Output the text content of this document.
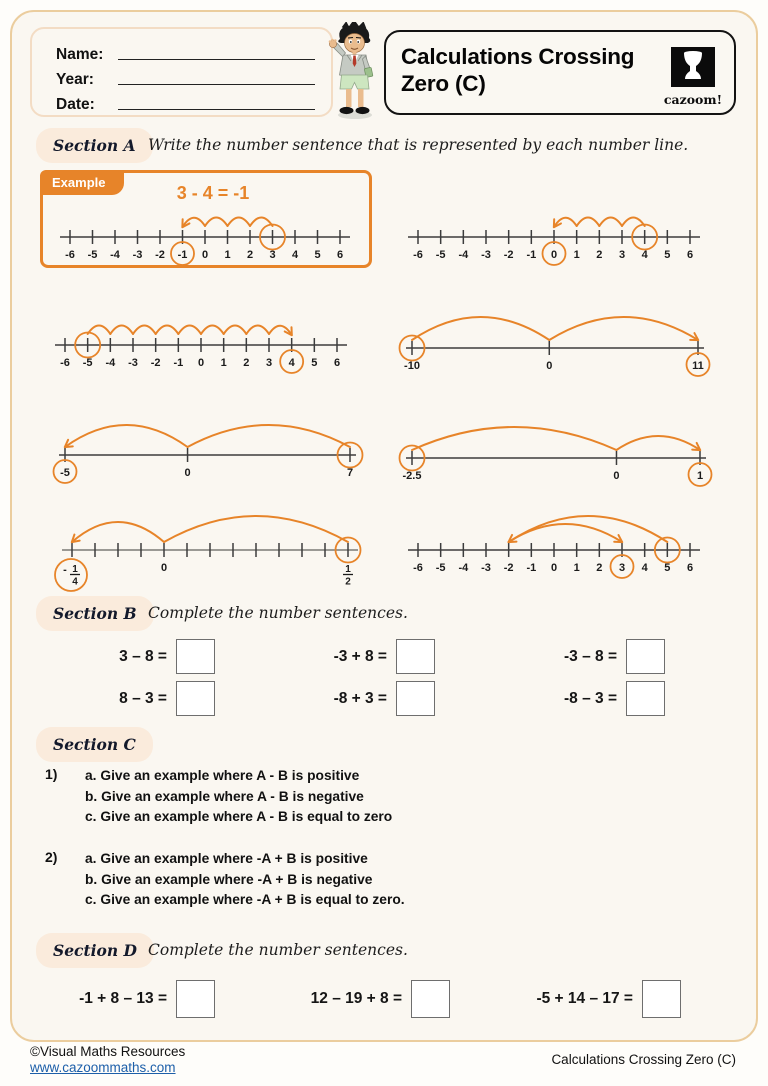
Name:
Year:
Date:
Calculations Crossing Zero (C)
cazoom!
Section A Write the number sentence that is represented by each number line.
Example
3 - 4 = -1
-6 -5 -4 -3 -2 -1 0 1 2 3 4 5 6	-6 -5 -4 -3 -2 -1 0 1 2 3 4 5 6
-6 -5 -4 -3 -2 -1 0 1 2 3 4 5 6	-10	0	11
-5	0	7	-2.5	0	1
- 1
4
0	1
2
-6 -5 -4 -3 -2 -1 0 1 2 3 4 5 6
Section B Complete the number sentences.
3 – 8 =	-3 + 8 =	-3 – 8 =
8 – 3 =	-8 + 3 =	-8 – 3 =
Section C
1)	a. Give an example where A - B is positive
b. Give an example where A - B is negative
c. Give an example where A - B is equal to zero
2)	a. Give an example where -A + B is positive
b. Give an example where -A + B is negative
c. Give an example where -A + B is equal to zero.
Section D Complete the number sentences.
-1 + 8 – 13 =	12 – 19 + 8 =	-5 + 14 – 17 =
©Visual Maths Resources
www.cazoommaths.com
Calculations Crossing Zero (C)
